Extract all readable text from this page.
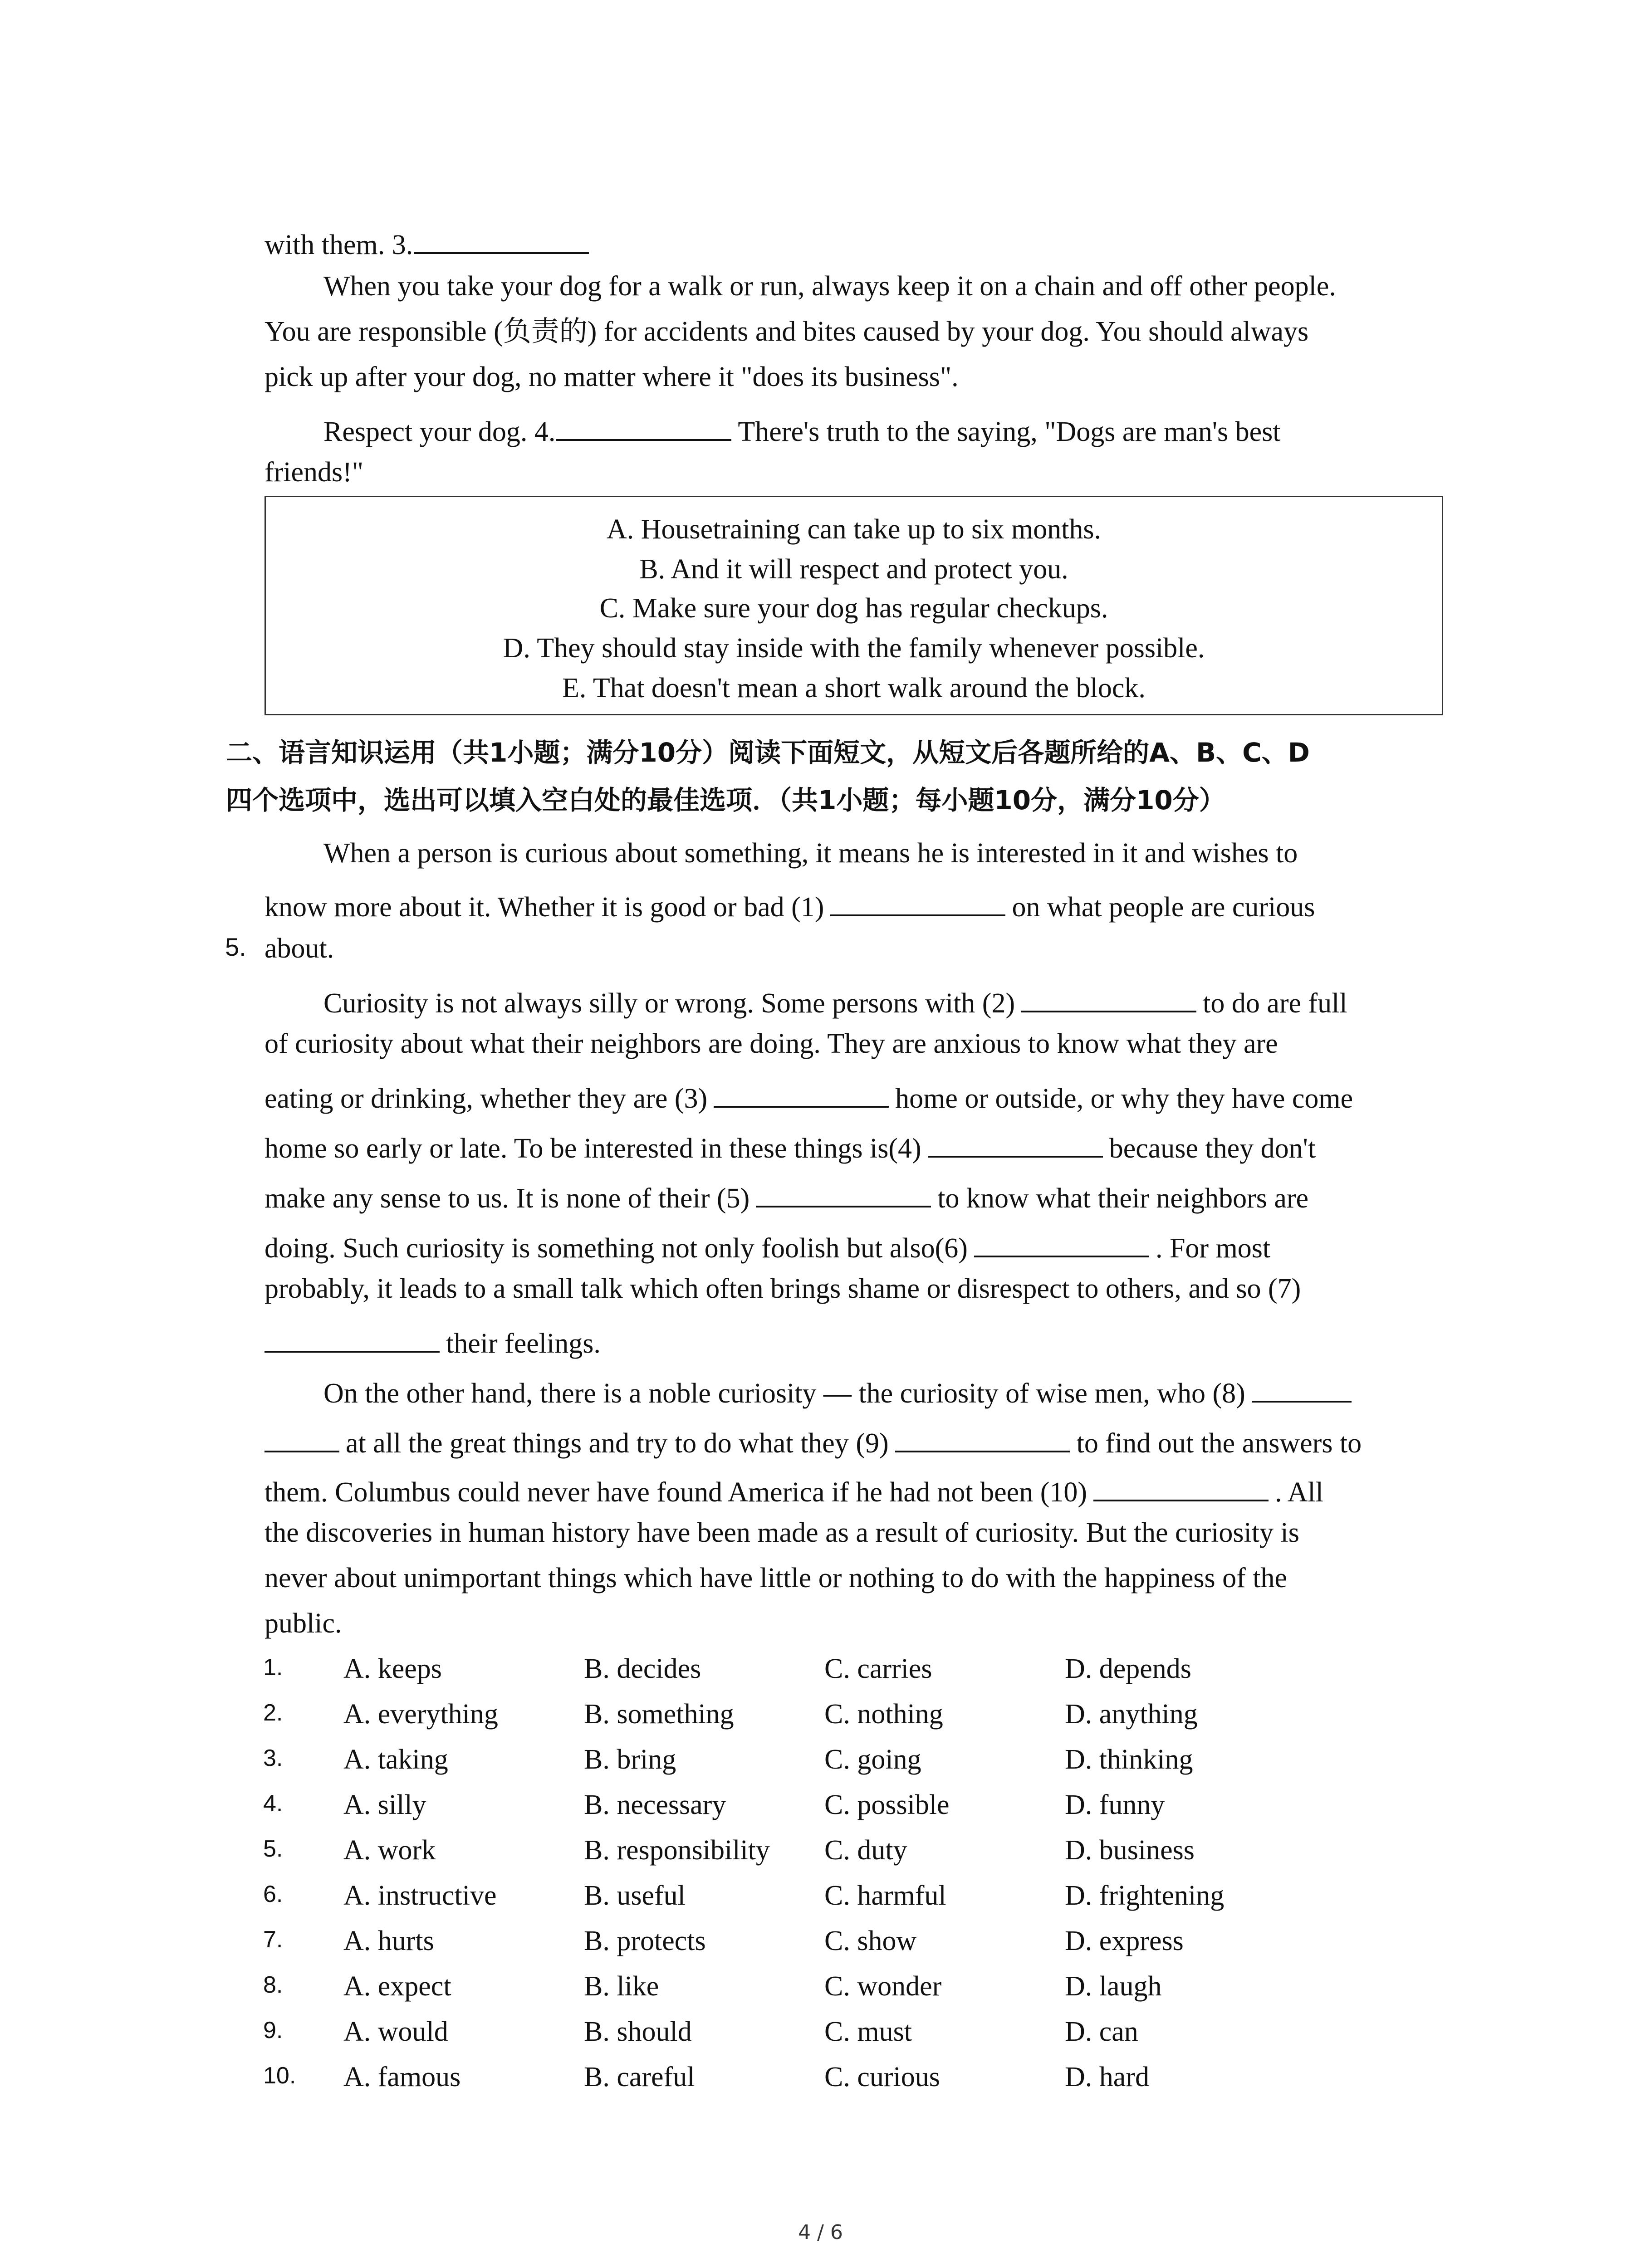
with them. 3.
When you take your dog for a walk or run, always keep it on a chain and off other people.
You are responsible (负责的) for accidents and bites caused by your dog. You should always
pick up after your dog, no matter where it "does its business".
Respect your dog. 4.	There's truth to the saying, "Dogs are man's best
friends!"
A. Housetraining can take up to six months.
B. And it will respect and protect you.
C. Make sure your dog has regular checkups.
D. They should stay inside with the family whenever possible.
E. That doesn't mean a short walk around the block.
二、语言知识运用（共1小题；满分10分）阅读下面短文，从短文后各题所给的A、B、C、D
四个选项中，选出可以填入空白处的最佳选项．（共1小题；每小题10分，满分10分）
When a person is curious about something, it means he is interested in it and wishes to
know more about it. Whether it is good or bad (1)	on what people are curious
5. about.
Curiosity is not always silly or wrong. Some persons with (2)	to do are full
of curiosity about what their neighbors are doing. They are anxious to know what they are
eating or drinking, whether they are (3)	home or outside, or why they have come
home so early or late. To be interested in these things is(4)	because they don't
make any sense to us. It is none of their (5)	to know what their neighbors are
doing. Such curiosity is something not only foolish but also(6)	. For most
probably, it leads to a small talk which often brings shame or disrespect to others, and so (7)
their feelings.
On the other hand, there is a noble curiosity — the curiosity of wise men, who (8)
at all the great things and try to do what they (9)	to find out the answers to
them. Columbus could never have found America if he had not been (10)	. All
the discoveries in human history have been made as a result of curiosity. But the curiosity is
never about unimportant things which have little or nothing to do with the happiness of the
public.
1. A. keeps	B. decides	C. carries	D. depends
2. A. everything	B. something	C. nothing	D. anything
3. A. taking	B. bring	C. going	D. thinking
4. A. silly	B. necessary	C. possible	D. funny
5. A. work	B. responsibility C. duty	D. business
6. A. instructive	B. useful	C. harmful	D. frightening
7. A. hurts	B. protects	C. show	D. express
8. A. expect	B. like	C. wonder	D. laugh
9. A. would	B. should	C. must	D. can
10. A. famous	B. careful	C. curious	D. hard
4 / 6
